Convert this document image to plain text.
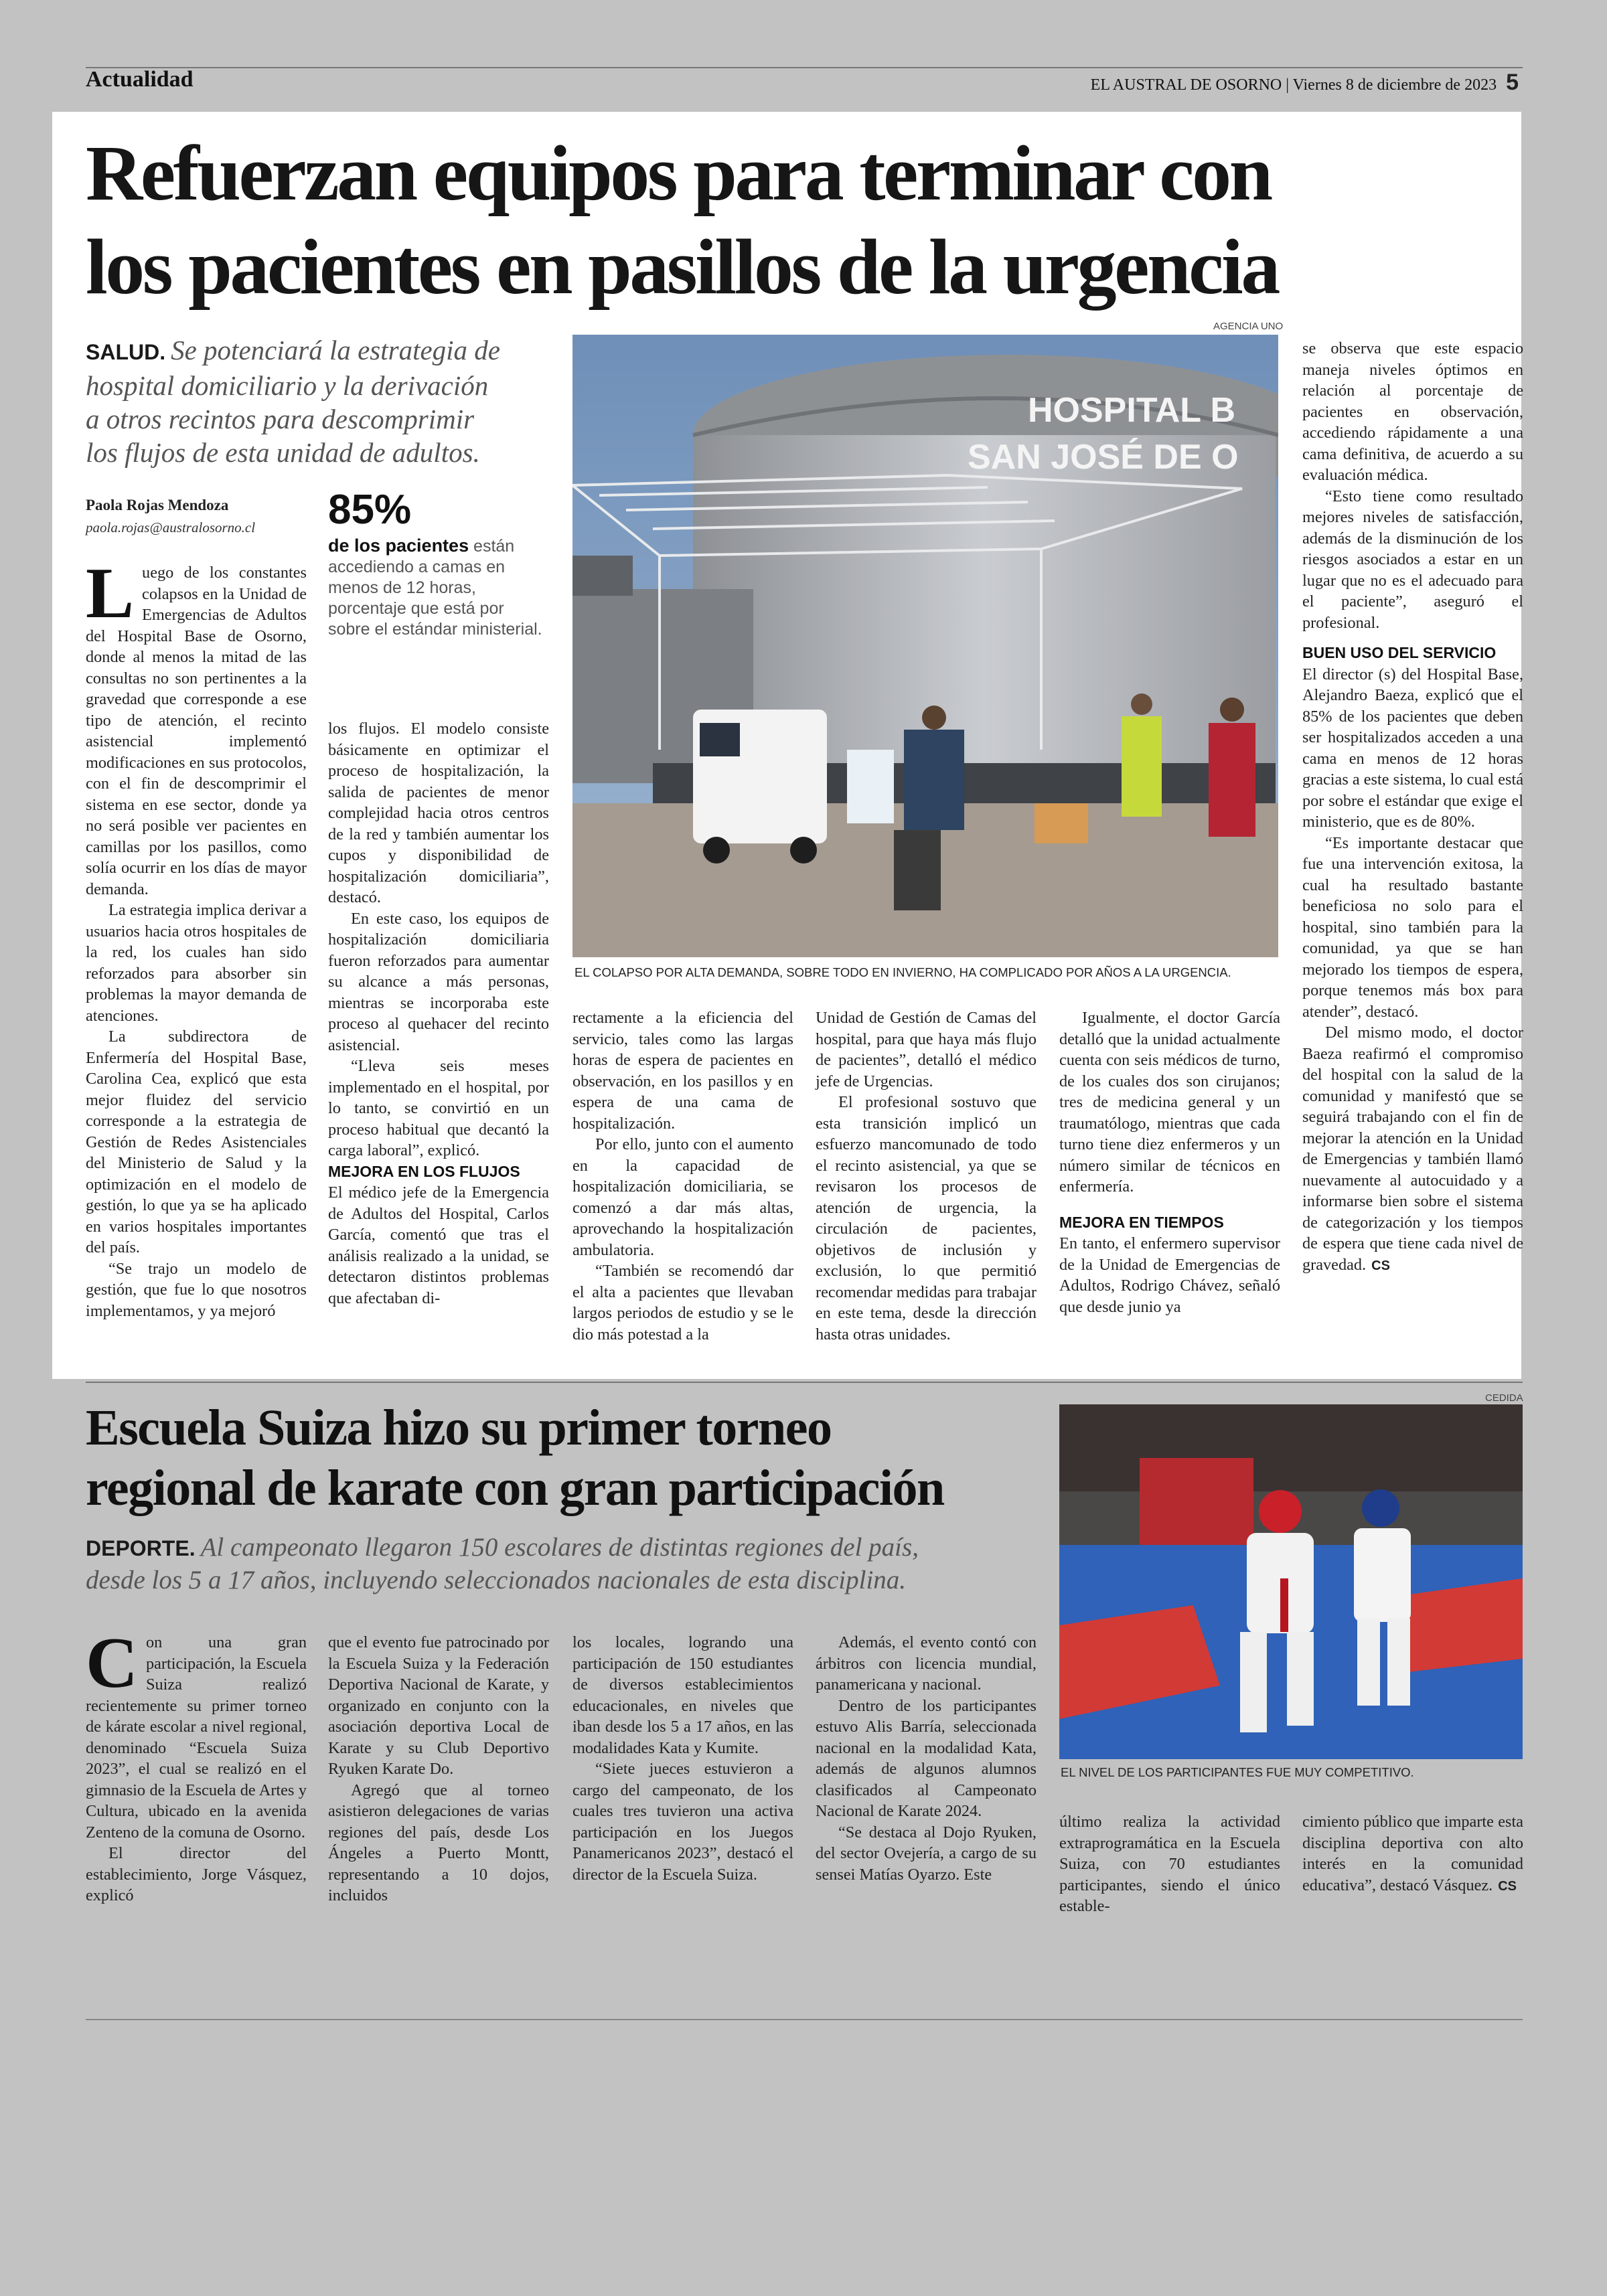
Actualidad	EL AUSTRAL DE OSORNO | Viernes 8 de diciembre de 2023 5
Refuerzan equipos para terminar con
los pacientes en pasillos de la urgencia
SALUD. Se potenciará la estrategia de
hospital domiciliario y la derivación
a otros recintos para descomprimir
los flujos de esta unidad de adultos.
Paola Rojas Mendoza
paola.rojas@australosorno.cl 85%
de los pacientes están accediendo a camas en menos de 12 horas, porcentaje que está por sobre el estándar ministerial.
AGENCIA UNO
HOSPITAL B
SAN JOSÉ DE O
EL COLAPSO POR ALTA DEMANDA, SOBRE TODO EN INVIERNO, HA COMPLICADO POR AÑOS A LA URGENCIA.
L uego de los constantes colapsos en la Unidad de Emergencias de Adultos del Hospital Base de Osorno, donde al menos la mitad de las consultas no son pertinentes a la gravedad que corresponde a ese tipo de atención, el recinto asistencial implementó modificaciones en sus protocolos, con el fin de descomprimir el sistema en ese sector, donde ya no será posible ver pacientes en camillas por los pasillos, como solía ocurrir en los días de mayor demanda.

La estrategia implica derivar a usuarios hacia otros hospitales de la red, los cuales han sido reforzados para absorber sin problemas la mayor demanda de atenciones.

La subdirectora de Enfermería del Hospital Base, Carolina Cea, explicó que esta mejor fluidez del servicio corresponde a la estrategia de Gestión de Redes Asistenciales del Ministerio de Salud y la optimización en el modelo de gestión, lo que ya se ha aplicado en varios hospitales importantes del país.

“Se trajo un modelo de gestión, que fue lo que nosotros implementamos, y ya mejoró

los flujos. El modelo consiste básicamente en optimizar el proceso de hospitalización, la salida de pacientes de menor complejidad hacia otros centros de la red y también aumentar los cupos y disponibilidad de hospitalización domiciliaria”, destacó.

En este caso, los equipos de hospitalización domiciliaria fueron reforzados para aumentar su alcance a más personas, mientras se incorporaba este proceso al quehacer del recinto asistencial.

“Lleva seis meses implementado en el hospital, por lo tanto, se convirtió en un proceso habitual que decantó la carga laboral”, explicó.

MEJORA EN LOS FLUJOS

El médico jefe de la Emergencia de Adultos del Hospital, Carlos García, comentó que tras el análisis realizado a la unidad, se detectaron distintos problemas que afectaban di-

rectamente a la eficiencia del servicio, tales como las largas horas de espera de pacientes en observación, en los pasillos y en espera de una cama de hospitalización.

Por ello, junto con el aumento en la capacidad de hospitalización domiciliaria, se comenzó a dar más altas, aprovechando la hospitalización ambulatoria.

“También se recomendó dar el alta a pacientes que llevaban largos periodos de estudio y se le dio más potestad a la

Unidad de Gestión de Camas del hospital, para que haya más flujo de pacientes”, detalló el médico jefe de Urgencias.

El profesional sostuvo que esta transición implicó un esfuerzo mancomunado de todo el recinto asistencial, ya que se revisaron los procesos de atención de urgencia, la circulación de pacientes, objetivos de inclusión y exclusión, lo que permitió recomendar medidas para trabajar en este tema, desde la dirección hasta otras unidades.

Igualmente, el doctor García detalló que la unidad actualmente cuenta con seis médicos de turno, de los cuales dos son cirujanos; tres de medicina general y un traumatólogo, mientras que cada turno tiene diez enfermeros y un número similar de técnicos en enfermería.

MEJORA EN TIEMPOS

En tanto, el enfermero supervisor de la Unidad de Emergencias de Adultos, Rodrigo Chávez, señaló que desde junio ya

se observa que este espacio maneja niveles óptimos en relación al porcentaje de pacientes en observación, accediendo rápidamente a una cama definitiva, de acuerdo a su evaluación médica.

“Esto tiene como resultado mejores niveles de satisfacción, además de la disminución de los riesgos asociados a estar en un lugar que no es el adecuado para el paciente”, aseguró el profesional.

BUEN USO DEL SERVICIO

El director (s) del Hospital Base, Alejandro Baeza, explicó que el 85% de los pacientes que deben ser hospitalizados acceden a una cama en menos de 12 horas gracias a este sistema, lo cual está por sobre el estándar que exige el ministerio, que es de 80%.

“Es importante destacar que fue una intervención exitosa, la cual ha resultado bastante beneficiosa no solo para el hospital, sino también para la comunidad, ya que se han mejorado los tiempos de espera, porque tenemos más box para atender”, destacó.

Del mismo modo, el doctor Baeza reafirmó el compromiso del hospital con la salud de la comunidad y manifestó que se seguirá trabajando con el fin de mejorar la atención en la Unidad de Emergencias y también llamó nuevamente al autocuidado y a informarse bien sobre el sistema de categorización y los tiempos de espera que tiene cada nivel de gravedad. CS

Escuela Suiza hizo su primer torneo
regional de karate con gran participación
DEPORTE. Al campeonato llegaron 150 escolares de distintas regiones del país,
desde los 5 a 17 años, incluyendo seleccionados nacionales de esta disciplina.
CEDIDA
EL NIVEL DE LOS PARTICIPANTES FUE MUY COMPETITIVO.
C on una gran participación, la Escuela Suiza realizó recientemente su primer torneo de kárate escolar a nivel regional, denominado “Escuela Suiza 2023”, el cual se realizó en el gimnasio de la Escuela de Artes y Cultura, ubicado en la avenida Zenteno de la comuna de Osorno.

El director del establecimiento, Jorge Vásquez, explicó

que el evento fue patrocinado por la Escuela Suiza y la Federación Deportiva Nacional de Karate, y organizado en conjunto con la asociación deportiva Local de Karate y su Club Deportivo Ryuken Karate Do.

Agregó que al torneo asistieron delegaciones de varias regiones del país, desde Los Ángeles a Puerto Montt, representando a 10 dojos, incluidos

los locales, logrando una participación de 150 estudiantes de diversos establecimientos educacionales, en niveles que iban desde los 5 a 17 años, en las modalidades Kata y Kumite.

“Siete jueces estuvieron a cargo del campeonato, de los cuales tres tuvieron una activa participación en los Juegos Panamericanos 2023”, destacó el director de la Escuela Suiza.

Además, el evento contó con árbitros con licencia mundial, panamericana y nacional.

Dentro de los participantes estuvo Alis Barría, seleccionada nacional en la modalidad Kata, además de algunos alumnos clasificados al Campeonato Nacional de Karate 2024.

“Se destaca al Dojo Ryuken, del sector Ovejería, a cargo de su sensei Matías Oyarzo. Este

último realiza la actividad extraprogramática en la Escuela Suiza, con 70 estudiantes participantes, siendo el único estable-

cimiento público que imparte esta disciplina deportiva con alto interés en la comunidad educativa”, destacó Vásquez. CS
